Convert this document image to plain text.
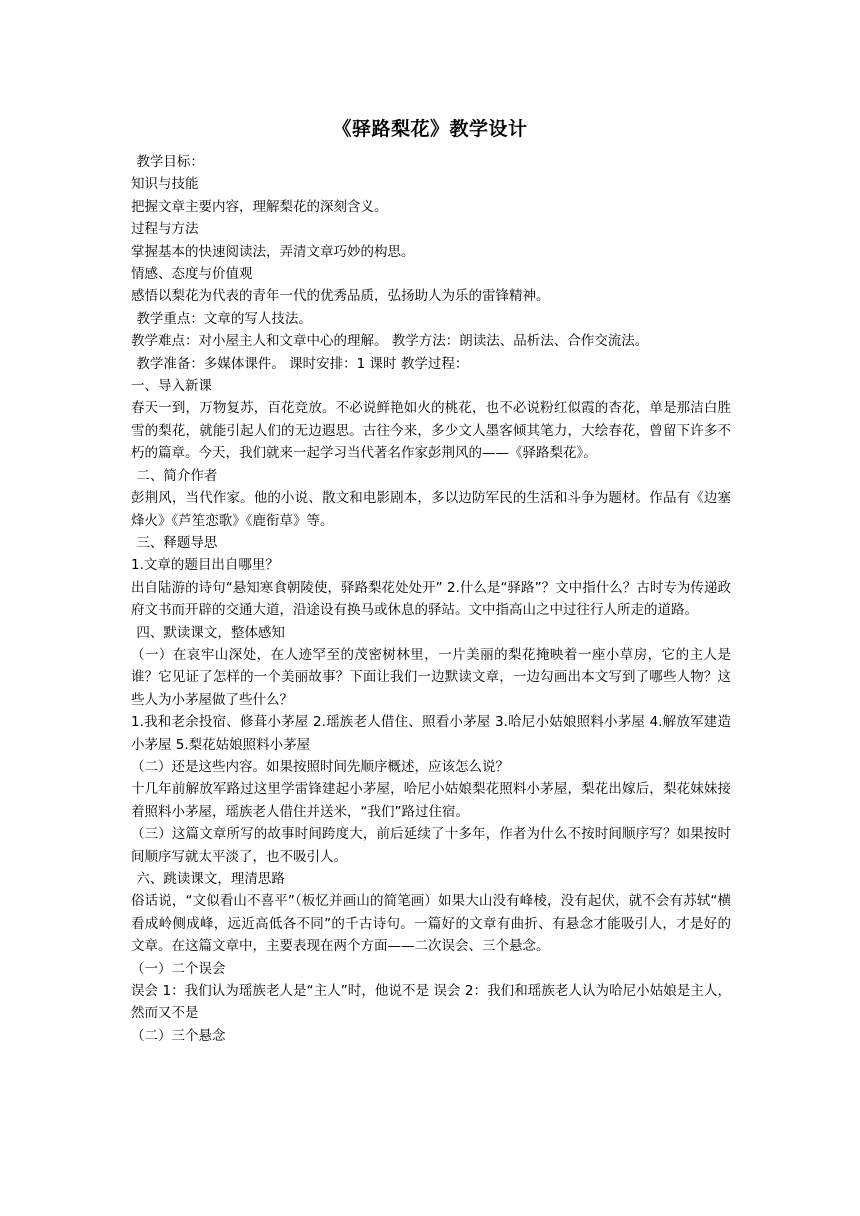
《驿路梨花》教学设计

教学目标：

知识与技能

把握文章主要内容，理解梨花的深刻含义。

过程与方法

掌握基本的快速阅读法，弄清文章巧妙的构思。

情感、态度与价值观

感悟以梨花为代表的青年一代的优秀品质，弘扬助人为乐的雷锋精神。

教学重点：文章的写人技法。

教学难点：对小屋主人和文章中心的理解。 教学方法：朗读法、品析法、合作交流法。

教学准备：多媒体课件。 课时安排：1 课时 教学过程：

一、导入新课

春天一到，万物复苏，百花竞放。不必说鲜艳如火的桃花，也不必说粉红似霞的杏花，单是那洁白胜雪的梨花，就能引起人们的无边遐思。古往今来，多少文人墨客倾其笔力，大绘春花，曾留下许多不朽的篇章。今天，我们就来一起学习当代著名作家彭荆风的——《驿路梨花》。

二、简介作者

彭荆风，当代作家。他的小说、散文和电影剧本，多以边防军民的生活和斗争为题材。作品有《边塞烽火》《芦笙恋歌》《鹿衔草》等。

三、释题导思

1.文章的题目出自哪里？

出自陆游的诗句“悬知寒食朝陵使，驿路梨花处处开” 2.什么是“驿路”？文中指什么？古时专为传递政府文书而开辟的交通大道，沿途设有换马或休息的驿站。文中指高山之中过往行人所走的道路。

四、默读课文，整体感知

（一）在哀牢山深处，在人迹罕至的茂密树林里，一片美丽的梨花掩映着一座小草房，它的主人是谁？它见证了怎样的一个美丽故事？下面让我们一边默读文章，一边勾画出本文写到了哪些人物？这些人为小茅屋做了些什么？

1.我和老余投宿、修葺小茅屋 2.瑶族老人借住、照看小茅屋 3.哈尼小姑娘照料小茅屋 4.解放军建造小茅屋 5.梨花姑娘照料小茅屋

（二）还是这些内容。如果按照时间先顺序概述，应该怎么说？

十几年前解放军路过这里学雷锋建起小茅屋，哈尼小姑娘梨花照料小茅屋，梨花出嫁后，梨花妹妹接着照料小茅屋，瑶族老人借住并送米，“我们”路过住宿。

（三）这篇文章所写的故事时间跨度大，前后延续了十多年，作者为什么不按时间顺序写？如果按时间顺序写就太平淡了，也不吸引人。

六、跳读课文，理清思路

俗话说，“文似看山不喜平”（板忆并画山的简笔画）如果大山没有峰棱，没有起伏，就不会有苏轼“横看成岭侧成峰，远近高低各不同”的千古诗句。一篇好的文章有曲折、有悬念才能吸引人，才是好的文章。在这篇文章中，主要表现在两个方面——二次误会、三个悬念。

（一）二个误会

误会 1：我们认为瑶族老人是“主人”时，他说不是 误会 2：我们和瑶族老人认为哈尼小姑娘是主人，然而又不是

（二）三个悬念
